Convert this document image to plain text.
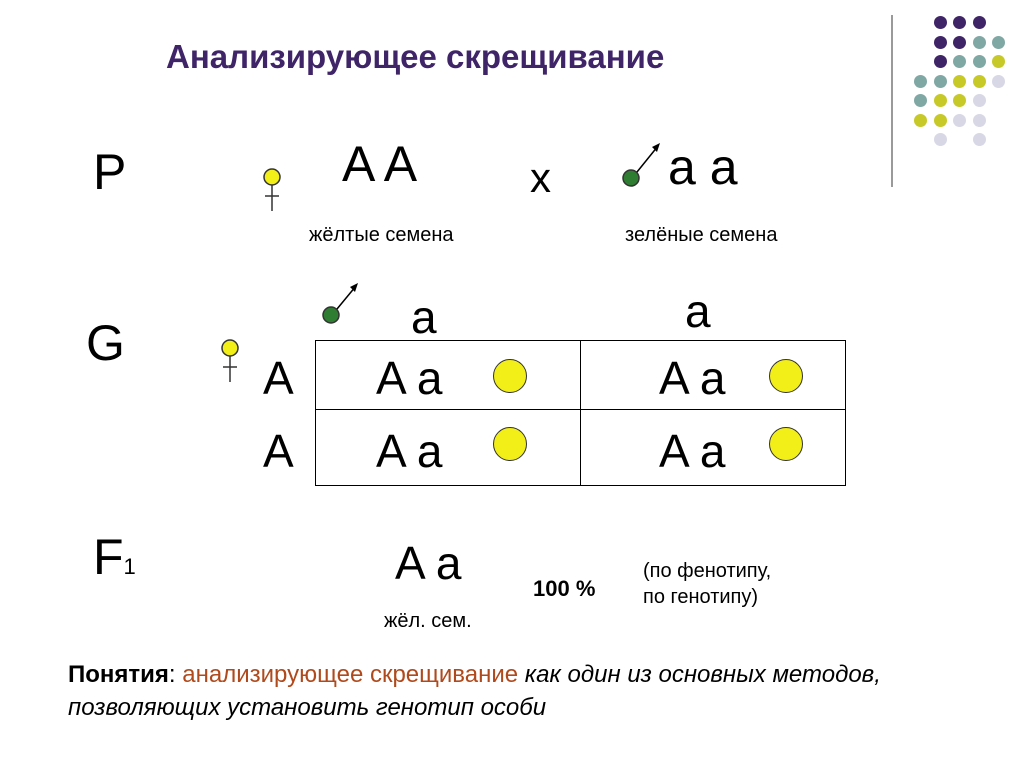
Анализирующее скрещивание
P	A A	x a a
жёлтые семена	зелёные семена
G	a	a
A
A
A a	A a
A a	A a
F1	A a
жёл. сем.
100 %
(по фенотипу,
по генотипу)
Понятия: анализирующее скрещивание как один из основных методов, позволяющих установить генотип особи
